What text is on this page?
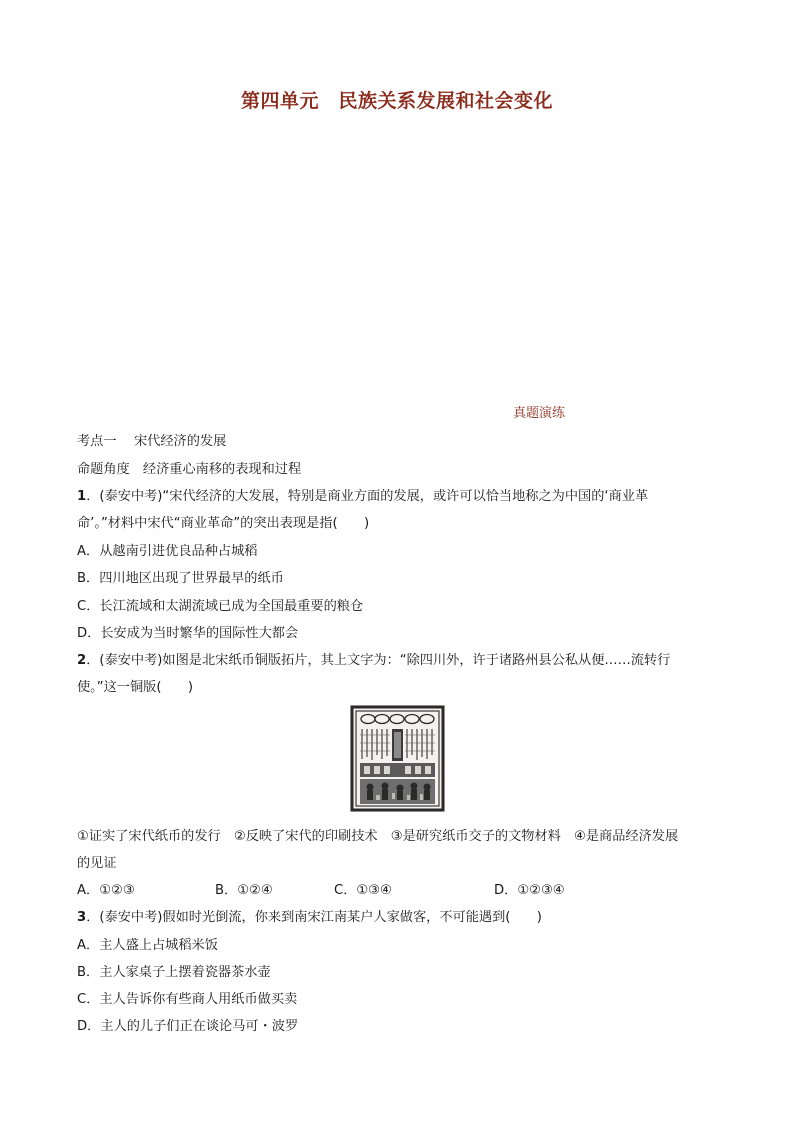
第四单元　民族关系发展和社会变化
真题演练
考点一　 宋代经济的发展
命题角度　经济重心南移的表现和过程
1．(泰安中考)“宋代经济的大发展，特别是商业方面的发展，或许可以恰当地称之为中国的‘商业革
命’。”材料中宋代“商业革命”的突出表现是指(　　)
A．从越南引进优良品种占城稻
B．四川地区出现了世界最早的纸币
C．长江流域和太湖流域已成为全国最重要的粮仓
D．长安成为当时繁华的国际性大都会
2．(泰安中考)如图是北宋纸币铜版拓片，其上文字为：“除四川外，许于诸路州县公私从便……流转行
使。”这一铜版(　　)
①证实了宋代纸币的发行　②反映了宋代的印刷技术　③是研究纸币交子的文物材料　④是商品经济发展
的见证
A．①②③	B．①②④	C．①③④	D．①②③④
3．(泰安中考)假如时光倒流，你来到南宋江南某户人家做客，不可能遇到(　　)
A．主人盛上占城稻米饭
B．主人家桌子上摆着瓷器茶水壶
C．主人告诉你有些商人用纸币做买卖
D．主人的儿子们正在谈论马可・波罗
